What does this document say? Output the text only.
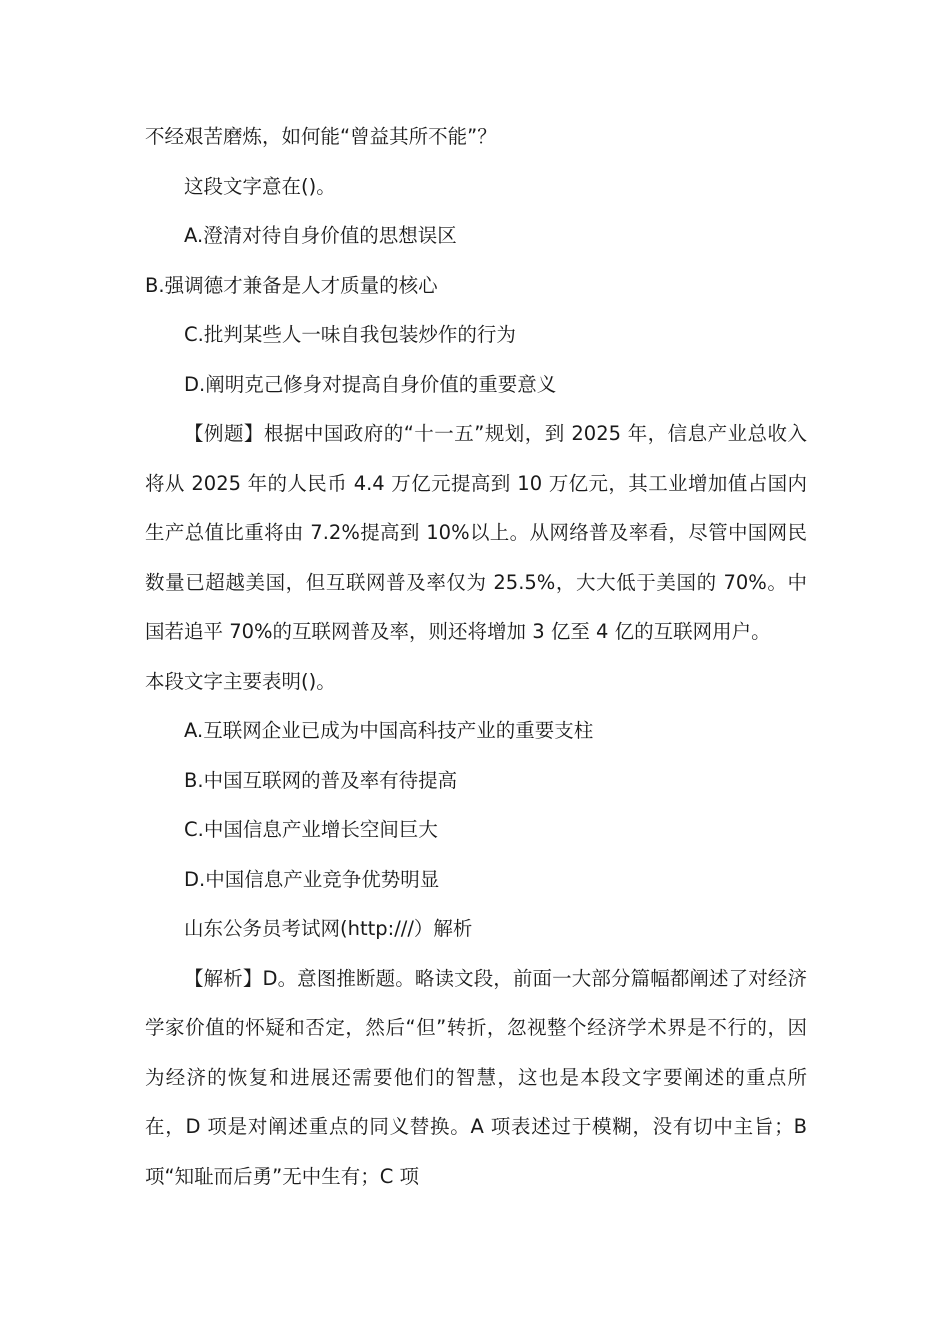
不经艰苦磨炼，如何能“曾益其所不能”？

这段文字意在()。

A.澄清对待自身价值的思想误区

B.强调德才兼备是人才质量的核心

C.批判某些人一味自我包装炒作的行为

D.阐明克己修身对提高自身价值的重要意义

【例题】根据中国政府的“十一五”规划，到 2025 年，信息产业总收入将从 2025 年的人民币 4.4 万亿元提高到 10 万亿元，其工业增加值占国内生产总值比重将由 7.2%提高到 10%以上。从网络普及率看，尽管中国网民数量已超越美国，但互联网普及率仅为 25.5%，大大低于美国的 70%。中国若追平 70%的互联网普及率，则还将增加 3 亿至 4 亿的互联网用户。

本段文字主要表明()。

A.互联网企业已成为中国高科技产业的重要支柱

B.中国互联网的普及率有待提高

C.中国信息产业增长空间巨大

D.中国信息产业竞争优势明显

山东公务员考试网(http:///）解析

【解析】D。意图推断题。略读文段，前面一大部分篇幅都阐述了对经济学家价值的怀疑和否定，然后“但”转折，忽视整个经济学术界是不行的，因为经济的恢复和进展还需要他们的智慧，这也是本段文字要阐述的重点所在，D 项是对阐述重点的同义替换。A 项表述过于模糊，没有切中主旨；B 项“知耻而后勇”无中生有；C 项
